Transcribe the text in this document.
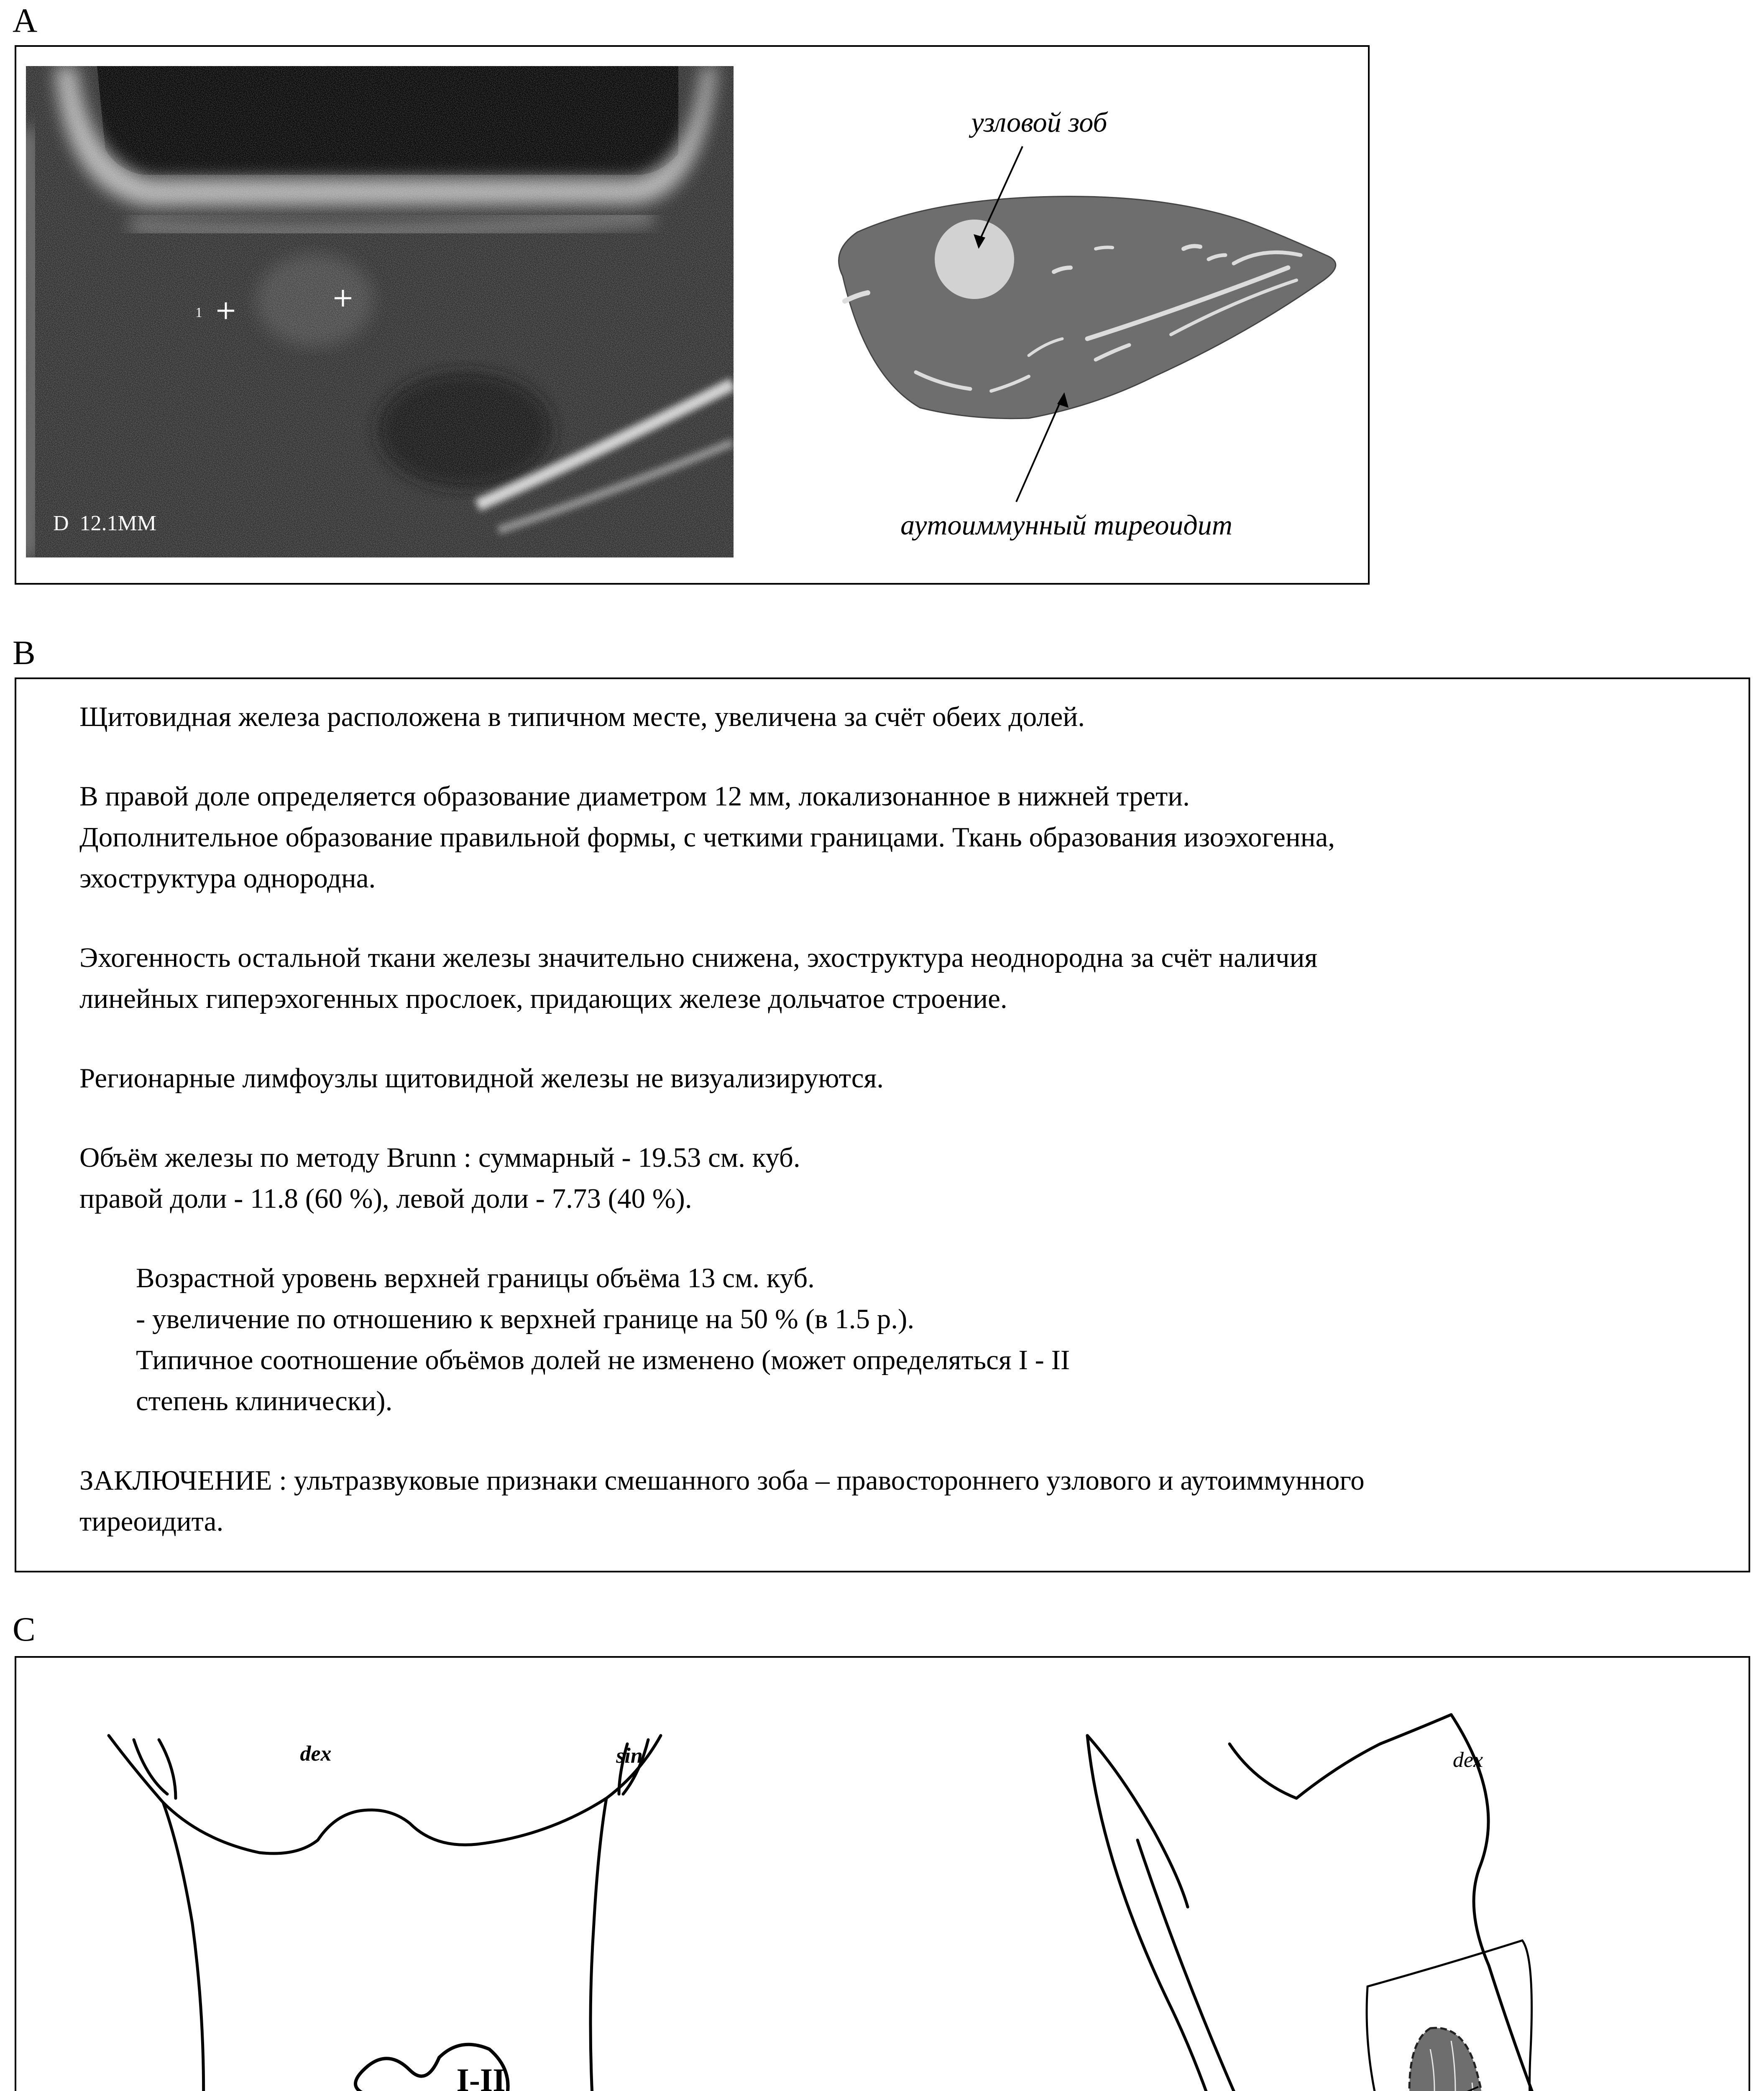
A
B
C
1
D  12.1MM
узловой зоб
аутоиммунный тиреоидит

Щитовидная железа расположена в типичном месте, увеличена за счёт обеих долей.

В правой доле определяется образование диаметром 12 мм, локализонанное в нижней трети.

Дополнительное образование правильной формы, с четкими границами. Ткань образования изоэхогенна,

эхоструктура однородна.

Эхогенность остальной ткани железы значительно снижена, эхоструктура неоднородна за счёт наличия

линейных гиперэхогенных прослоек, придающих железе дольчатое строение.

Регионарные лимфоузлы щитовидной железы не визуализируются.

Объём железы по методу Brunn : суммарный - 19.53 см. куб.

правой доли - 11.8 (60 %), левой доли - 7.73 (40 %).

Возрастной уровень верхней границы объёма 13 см. куб.

- увеличение по отношению к верхней границе на 50 % (в 1.5 р.).

Типичное соотношение объёмов долей не изменено (может определяться I - II

степень клинически).

ЗАКЛЮЧЕНИЕ : ультразвуковые признаки смешанного зоба – правостороннего узлового и аутоиммунного

тиреоидита.

dex	sin
I-II
dex
